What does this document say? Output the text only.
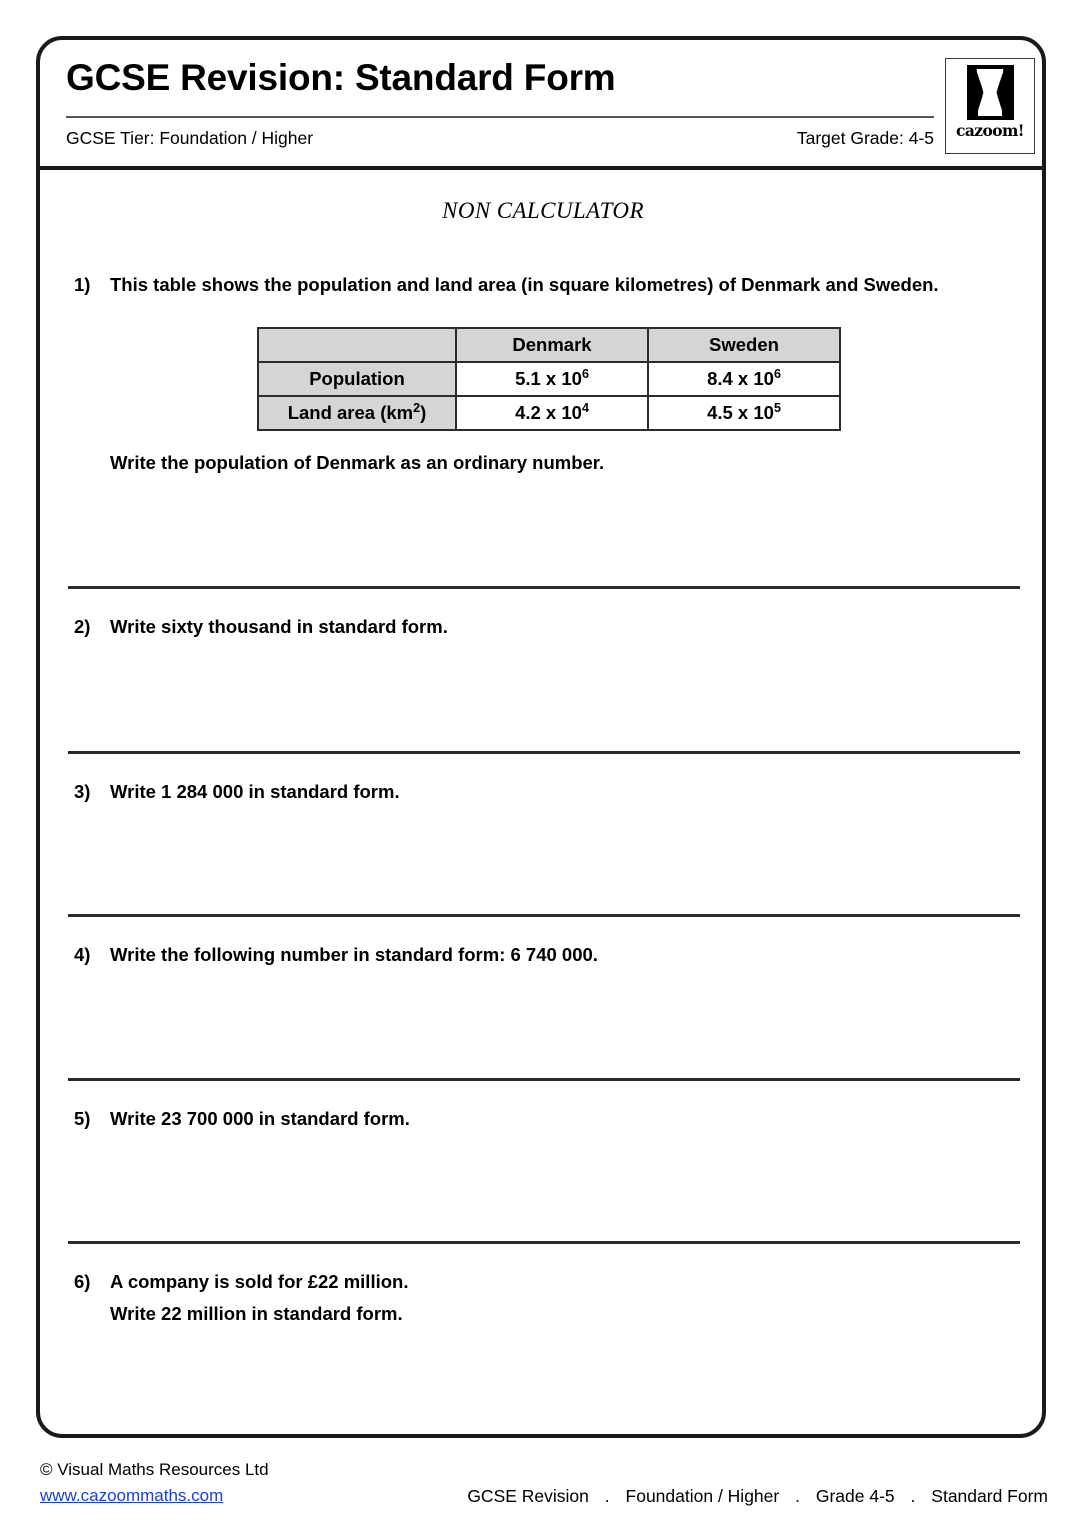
GCSE Revision: Standard Form
GCSE Tier: Foundation / Higher	Target Grade: 4-5 cazoom!
NON CALCULATOR
1) This table shows the population and land area (in square kilometres) of Denmark and Sweden.
	Denmark	Sweden
Population	5.1 x $10^6$	8.4 x $10^6$
Land area $(km^2)$	4.2 x $10^4$	4.5 x $10^5$
Write the population of Denmark as an ordinary number.
2) Write sixty thousand in standard form.
3) Write 1 284 000 in standard form.
4) Write the following number in standard form: 6 740 000.
5) Write 23 700 000 in standard form.
6) A company is sold for £22 million.
Write 22 million in standard form.
© Visual Maths Resources Ltd
www.cazoommaths.com	GCSE Revision . Foundation / Higher . Grade 4-5 . Standard Form
